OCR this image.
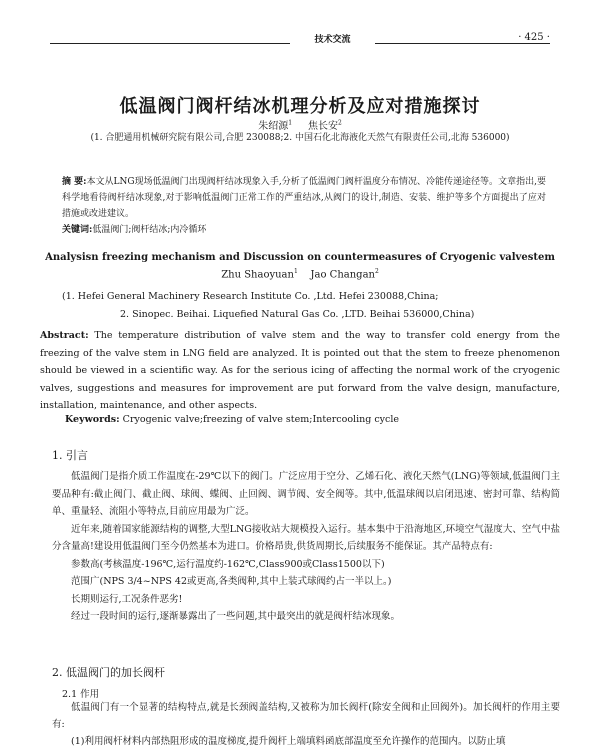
技术交流	· 425 ·
低温阀门阀杆结冰机理分析及应对措施探讨
朱绍源$^1$ 焦长安$^2$
(1. 合肥通用机械研究院有限公司,合肥 230088;2. 中国石化北海液化天然气有限责任公司,北海 536000)
摘 要:本文从LNG现场低温阀门出现阀杆结冰现象入手,分析了低温阀门阀杆温度分布情况、冷能传递途径等。文章指出,要科学地看待阀杆结冰现象,对于影响低温阀门正常工作的严重结冰,从阀门的设计,制造、安装、维护等多个方面提出了应对措施或改进建议。
关键词:低温阀门;阀杆结冰;内冷循环
Analysisn freezing mechanism and Discussion on countermeasures of Cryogenic valvestem
Zhu Shaoyuan$^1$ Jao Changan$^2$
(1. Hefei General Machinery Research Institute Co. ,Ltd. Hefei 230088,China;
2. Sinopec. Beihai. Liquefied Natural Gas Co. ,LTD. Beihai 536000,China)
Abstract: The temperature distribution of valve stem and the way to transfer cold energy from the freezing of the valve stem in LNG field are analyzed. It is pointed out that the stem to freeze phenomenon should be viewed in a scientific way. As for the serious icing of affecting the normal work of the cryogenic valves, suggestions and measures for improvement are put forward from the valve design, manufacture, installation, maintenance, and other aspects.
Keywords: Cryogenic valve;freezing of valve stem;Intercooling cycle
1. 引言

低温阀门是指介质工作温度在-29℃以下的阀门。广泛应用于空分、乙烯石化、液化天然气(LNG)等领域,低温阀门主要品种有:截止阀门、截止阀、球阀、蝶阀、止回阀、调节阀、安全阀等。其中,低温球阀以启闭迅速、密封可靠、结构简单、重量轻、流阻小等特点,目前应用最为广泛。

近年来,随着国家能源结构的调整,大型LNG接收站大规模投入运行。基本集中于沿海地区,环境空气湿度大、空气中盐分含量高!建设用低温阀门至今仍然基本为进口。价格昂贵,供货周期长,后续服务不能保证。其产品特点有:

参数高(考核温度-196℃,运行温度约-162℃,Class900或Class1500以下)

范围广(NPS 3/4~NPS 42或更高,各类阀种,其中上装式球阀约占一半以上。)

长期则运行,工况条件恶劣!

经过一段时间的运行,逐渐暴露出了一些问题,其中最突出的就是阀杆结冰现象。

2. 低温阀门的加长阀杆
2.1 作用

低温阀门有一个显著的结构特点,就是长颈阀盖结构,又被称为加长阀杆(除安全阀和止回阀外)。加长阀杆的作用主要有:

(1)利用阀杆材料内部热阻形成的温度梯度,提升阀杆上端填料函底部温度至允许操作的范围内。以防止填
